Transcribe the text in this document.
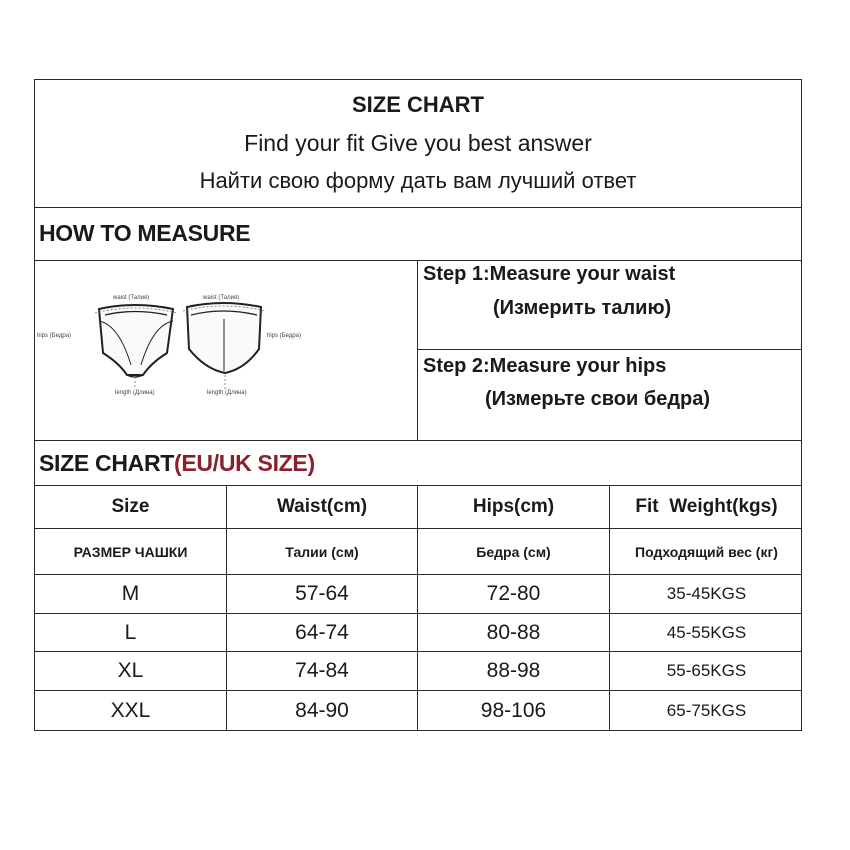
SIZE CHART
Find your fit Give you best answer
Найти свою форму дать вам лучший ответ
HOW TO MEASURE
waist (Талия)	waist (Талия)
hips (Бедра)	hips (Бедра)
length (Длина)	length (Длина)
Step 1:Measure your waist
(Измерить талию)
Step 2:Measure your hips
(Измерьте свои бедра)
SIZE CHART(EU/UK SIZE)
Size	Waist(cm)	Hips(cm)	Fit  Weight(kgs)
РАЗМЕР ЧАШКИ	Талии (см)	Бедра (см)	Подходящий вес (кг)
M	57-64	72-80	35-45KGS
L	64-74	80-88	45-55KGS
XL	74-84	88-98	55-65KGS
XXL	84-90	98-106	65-75KGS
